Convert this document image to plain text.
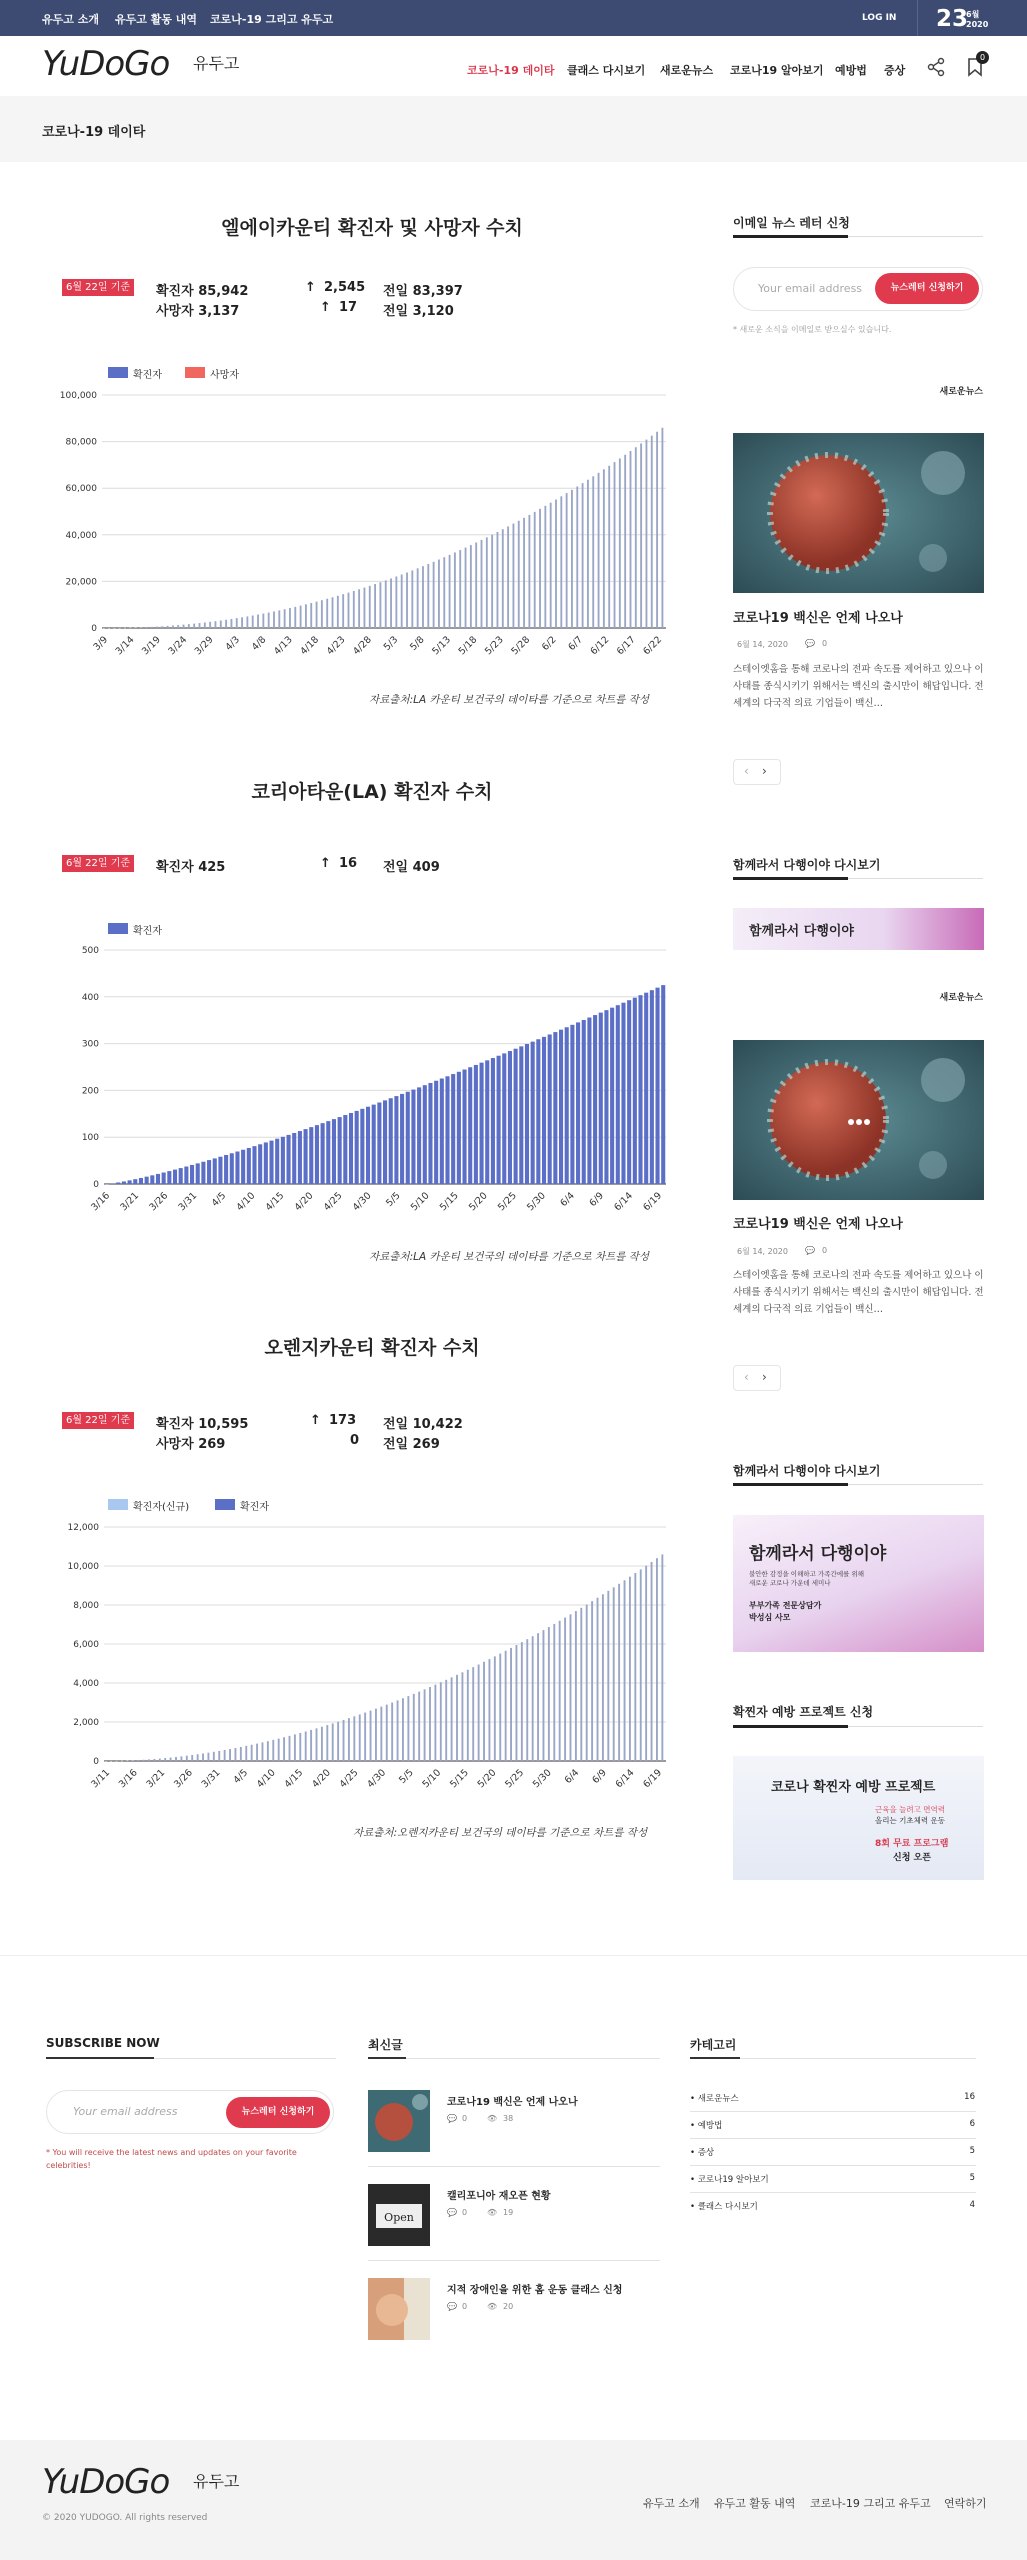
유두고 소개 유두고 활동 내역 코로나-19 그리고 유두고	LOG IN 23
6월
2020
YuDoGo 유두고	코로나-19 데이타 클래스 다시보기 새로운뉴스 코로나19 알아보기 예방법 증상
0
코로나-19 데이타
엘에이카운티 확진자 및 사망자 수치
6월 22일 기준	확진자 85,942	↑ 2,545 전일 83,397
사망자 3,137	↑ 17 전일 3,120
확진자	사망자
0
20,000
40,000
60,000
80,000
100,000
3/9 3/14 3/19 3/24 3/29 4/3 4/8 4/13 4/18 4/23 4/28 5/3 5/8 5/13 5/18 5/23 5/28 6/2 6/7 6/12 6/17 6/22
자료출처:LA 카운티 보건국의 데이타를 기준으로 차트를 작성
코리아타운(LA) 확진자 수치
6월 22일 기준	확진자 425	↑ 16 전일 409
확진자
0
100
200
300
400
500
3/16 3/21 3/26 3/31 4/5 4/10 4/15 4/20 4/25 4/30 5/5 5/10 5/15 5/20 5/25 5/30 6/4 6/9 6/14 6/19
자료출처:LA 카운티 보건국의 데이타를 기준으로 차트를 작성
오렌지카운티 확진자 수치
6월 22일 기준	확진자 10,595	↑ 173 전일 10,422
사망자 269	0 전일 269
확진자(신규)	확진자
0
2,000
4,000
6,000
8,000
10,000
12,000
3/11 3/16 3/21 3/26 3/31 4/5 4/10 4/15 4/20 4/25 4/30 5/5 5/10 5/15 5/20 5/25 5/30 6/4 6/9 6/14 6/19
자료출처:오렌지카운티 보건국의 데이타를 기준으로 차트를 작성
이메일 뉴스 레터 신청
Your email address	뉴스레터 신청하기
* 새로운 소식을 이메일로 받으실수 있습니다.
새로운뉴스
코로나19 백신은 언제 나오나
6월 14, 2020 💬 0
스테이엣홈을 통해 코로나의 전파 속도를 제어하고 있으나 이 사태를 종식시키기 위해서는 백신의 출시만이 해답입니다. 전 세계의 다국적 의료 기업들이 백신…
‹ ›
함께라서 다행이야 다시보기
함께라서 다행이야
새로운뉴스
코로나19 백신은 언제 나오나
6월 14, 2020 💬 0
스테이엣홈을 통해 코로나의 전파 속도를 제어하고 있으나 이 사태를 종식시키기 위해서는 백신의 출시만이 해답입니다. 전 세계의 다국적 의료 기업들이 백신…
‹ ›
함께라서 다행이야 다시보기
함께라서 다행이야
불안한 감정을 이해하고 가족간에를 위해
새로운 코로나 가운데 세미나
부부가족 전문상담가
박성심 사모
확찐자 예방 프로젝트 신청
코로나 확찐자 예방 프로젝트
근육을 늘려고 면역력
올리는 기초체력 운동
8회 무료 프로그램
신청 오픈
SUBSCRIBE NOW
Your email address	뉴스레터 신청하기
* You will receive the latest news and updates on your favorite celebrities!
최신글
코로나19 백신은 언제 나오나
💬 0 👁 38
Open
캘리포니아 재오픈 현황
💬 0 👁 19
지적 장애인을 위한 홈 운동 클래스 신청
💬 0 👁 20
카테고리
• 새로운뉴스	16
• 예방법	6
• 증상	5
• 코로나19 알아보기	5
• 클래스 다시보기	4
YuDoGo 유두고
© 2020 YUDOGO. All rights reserved
유두고 소개 유두고 활동 내역 코로나-19 그리고 유두고 연락하기
